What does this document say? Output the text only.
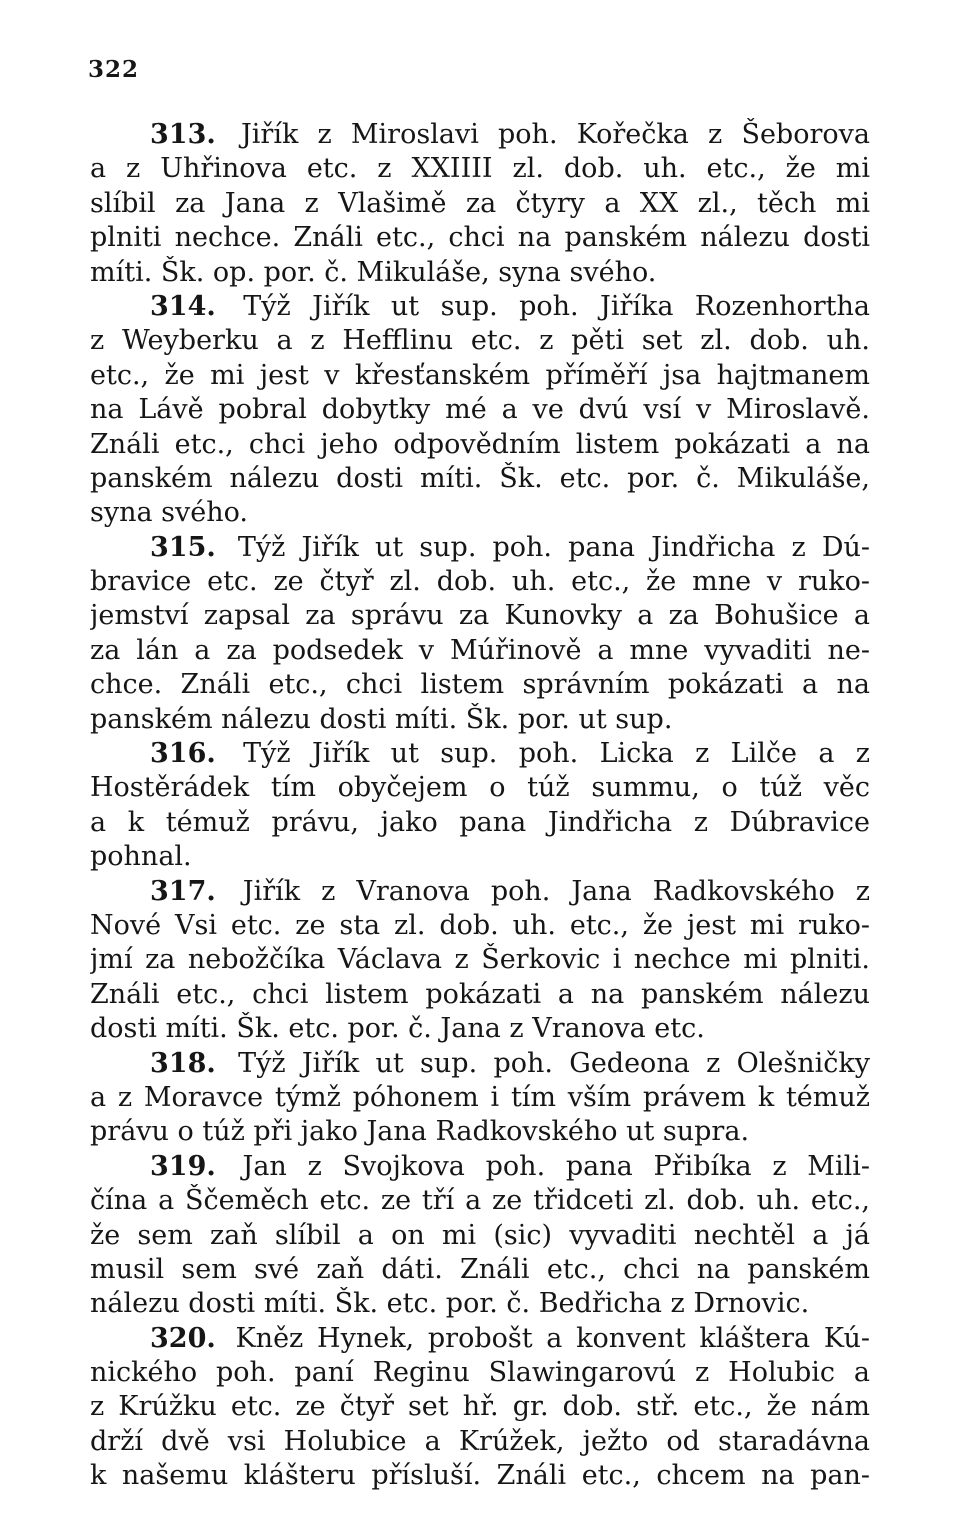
322
313. Jiřík z Miroslavi poh. Kořečka z Šeborova
a z Uhřinova etc. z XXIIII zl. dob. uh. etc., že mi
slíbil za Jana z Vlašimě za čtyry a XX zl., těch mi
plniti nechce. Ználi etc., chci na panském nálezu dosti
míti. Šk. op. por. č. Mikuláše, syna svého.
314. Týž Jiřík ut sup. poh. Jiříka Rozenhortha
z Weyberku a z Hefflinu etc. z pěti set zl. dob. uh.
etc., že mi jest v křesťanském příměří jsa hajtmanem
na Lávě pobral dobytky mé a ve dvú vsí v Miroslavě.
Ználi etc., chci jeho odpovědním listem pokázati a na
panském nálezu dosti míti. Šk. etc. por. č. Mikuláše,
syna svého.
315. Týž Jiřík ut sup. poh. pana Jindřicha z Dú-
bravice etc. ze čtyř zl. dob. uh. etc., že mne v ruko-
jemství zapsal za správu za Kunovky a za Bohušice a
za lán a za podsedek v Múřinově a mne vyvaditi ne-
chce. Ználi etc., chci listem správním pokázati a na
panském nálezu dosti míti. Šk. por. ut sup.
316. Týž Jiřík ut sup. poh. Licka z Lilče a z
Hostěrádek tím obyčejem o túž summu, o túž věc
a k témuž právu, jako pana Jindřicha z Dúbravice
pohnal.
317. Jiřík z Vranova poh. Jana Radkovského z
Nové Vsi etc. ze sta zl. dob. uh. etc., že jest mi ruko-
jmí za nebožčíka Václava z Šerkovic i nechce mi plniti.
Ználi etc., chci listem pokázati a na panském nálezu
dosti míti. Šk. etc. por. č. Jana z Vranova etc.
318. Týž Jiřík ut sup. poh. Gedeona z Olešničky
a z Moravce týmž póhonem i tím vším právem k témuž
právu o túž při jako Jana Radkovského ut supra.
319. Jan z Svojkova poh. pana Přibíka z Mili-
čína a Ščeměch etc. ze tří a ze třidceti zl. dob. uh. etc.,
že sem zaň slíbil a on mi (sic) vyvaditi nechtěl a já
musil sem své zaň dáti. Ználi etc., chci na panském
nálezu dosti míti. Šk. etc. por. č. Bedřicha z Drnovic.
320. Kněz Hynek, probošt a konvent kláštera Kú-
nického poh. paní Reginu Slawingarovú z Holubic a
z Krúžku etc. ze čtyř set hř. gr. dob. stř. etc., že nám
drží dvě vsi Holubice a Krúžek, ježto od staradávna
k našemu klášteru přísluší. Ználi etc., chcem na pan-
